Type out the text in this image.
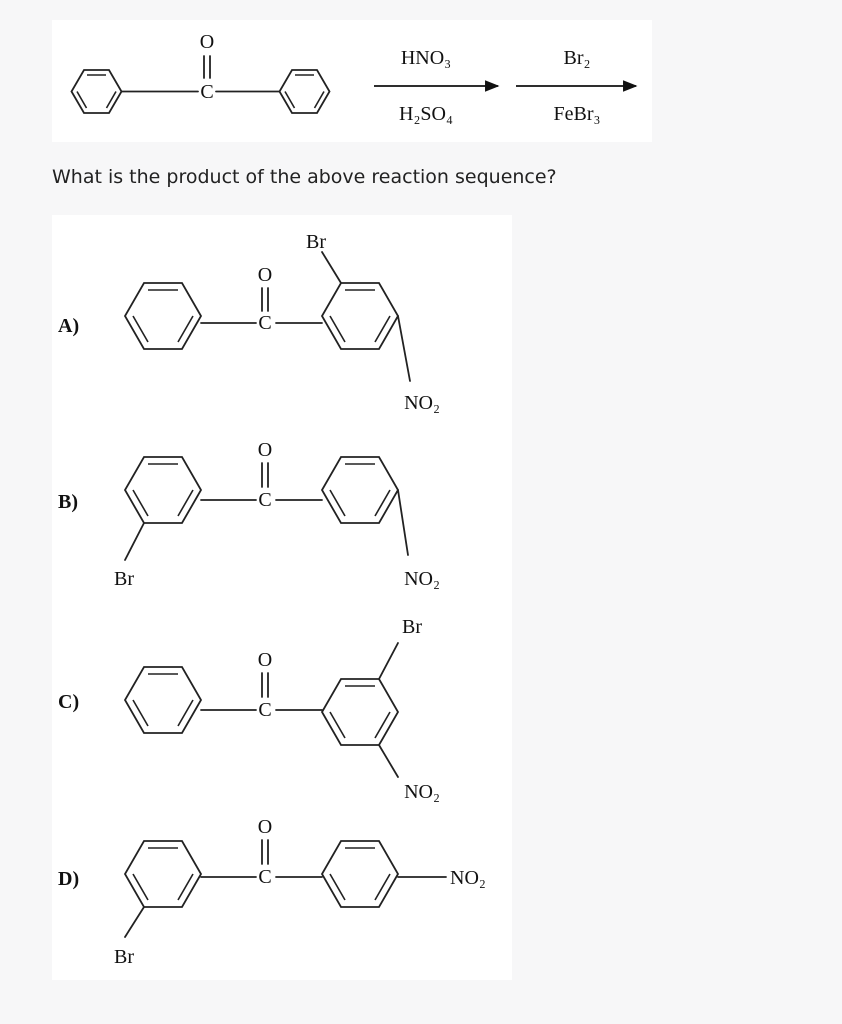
O
C
HNO₃
H₂SO₄
Br₂
FeBr₃
What is the product of the above reaction sequence?
A)
O
C
Br
NO₂
B)
O
C
Br	NO₂
C)
O
C
Br
NO₂
D)
O
C	NO₂
Br
